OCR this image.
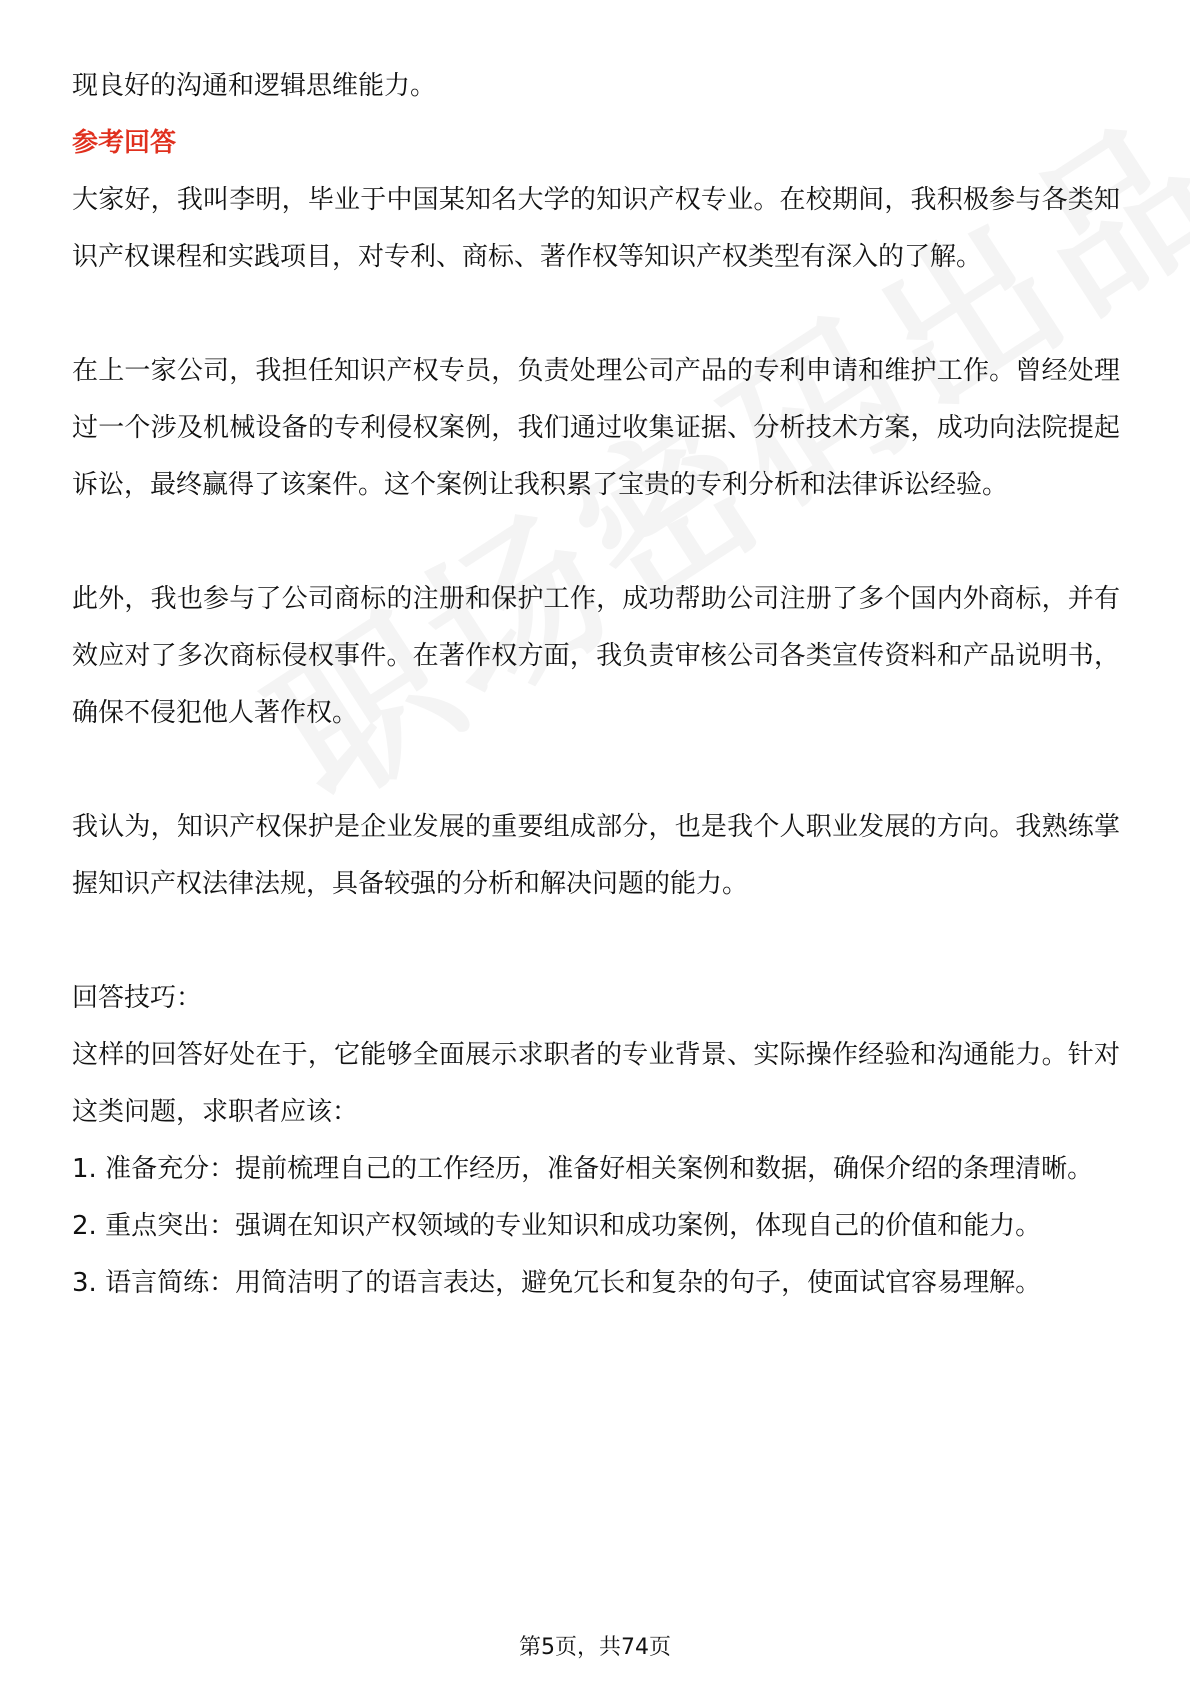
现良好的沟通和逻辑思维能力。

参考回答

大家好，我叫李明，毕业于中国某知名大学的知识产权专业。在校期间，我积极参与各类知识产权课程和实践项目，对专利、商标、著作权等知识产权类型有深入的了解。

在上一家公司，我担任知识产权专员，负责处理公司产品的专利申请和维护工作。曾经处理过一个涉及机械设备的专利侵权案例，我们通过收集证据、分析技术方案，成功向法院提起诉讼，最终赢得了该案件。这个案例让我积累了宝贵的专利分析和法律诉讼经验。

此外，我也参与了公司商标的注册和保护工作，成功帮助公司注册了多个国内外商标，并有效应对了多次商标侵权事件。在著作权方面，我负责审核公司各类宣传资料和产品说明书，确保不侵犯他人著作权。

我认为，知识产权保护是企业发展的重要组成部分，也是我个人职业发展的方向。我熟练掌握知识产权法律法规，具备较强的分析和解决问题的能力。

回答技巧：

这样的回答好处在于，它能够全面展示求职者的专业背景、实际操作经验和沟通能力。针对这类问题，求职者应该：

1. 准备充分：提前梳理自己的工作经历，准备好相关案例和数据，确保介绍的条理清晰。

2. 重点突出：强调在知识产权领域的专业知识和成功案例，体现自己的价值和能力。

3. 语言简练：用简洁明了的语言表达，避免冗长和复杂的句子，使面试官容易理解。

第5页，共74页
